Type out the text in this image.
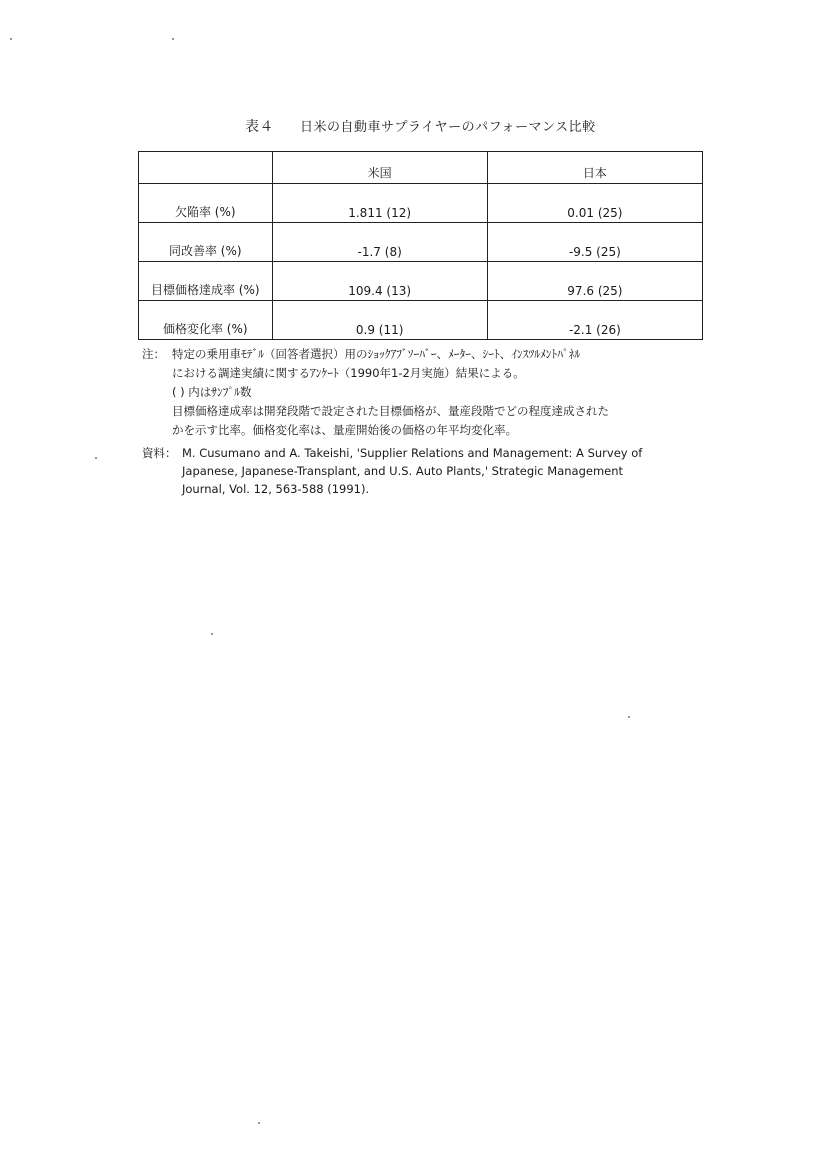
表４ 日米の自動車サプライヤーのパフォーマンス比較
	米国	日本
欠陥率 (%)	1.811 (12)	0.01 (25)
同改善率 (%)	-1.7 (8)	-9.5 (25)
目標価格達成率 (%)	109.4 (13)	97.6 (25)
価格変化率 (%)	0.9 (11)	-2.1 (26)
注： 特定の乗用車ﾓﾃﾞﾙ（回答者選択）用のｼｮｯｸｱﾌﾞｿｰﾊﾞｰ、ﾒｰﾀｰ、ｼｰﾄ、ｲﾝｽﾂﾙﾒﾝﾄﾊﾟﾈﾙ
における調達実績に関するｱﾝｹｰﾄ（1990年1-2月実施）結果による。
( ) 内はｻﾝﾌﾟﾙ数
目標価格達成率は開発段階で設定された目標価格が、量産段階でどの程度達成された
かを示す比率。価格変化率は、量産開始後の価格の年平均変化率。
資料： M. Cusumano and A. Takeishi, 'Supplier Relations and Management: A Survey of
Japanese, Japanese-Transplant, and U.S. Auto Plants,' Strategic Management
Journal, Vol. 12, 563-588 (1991).
